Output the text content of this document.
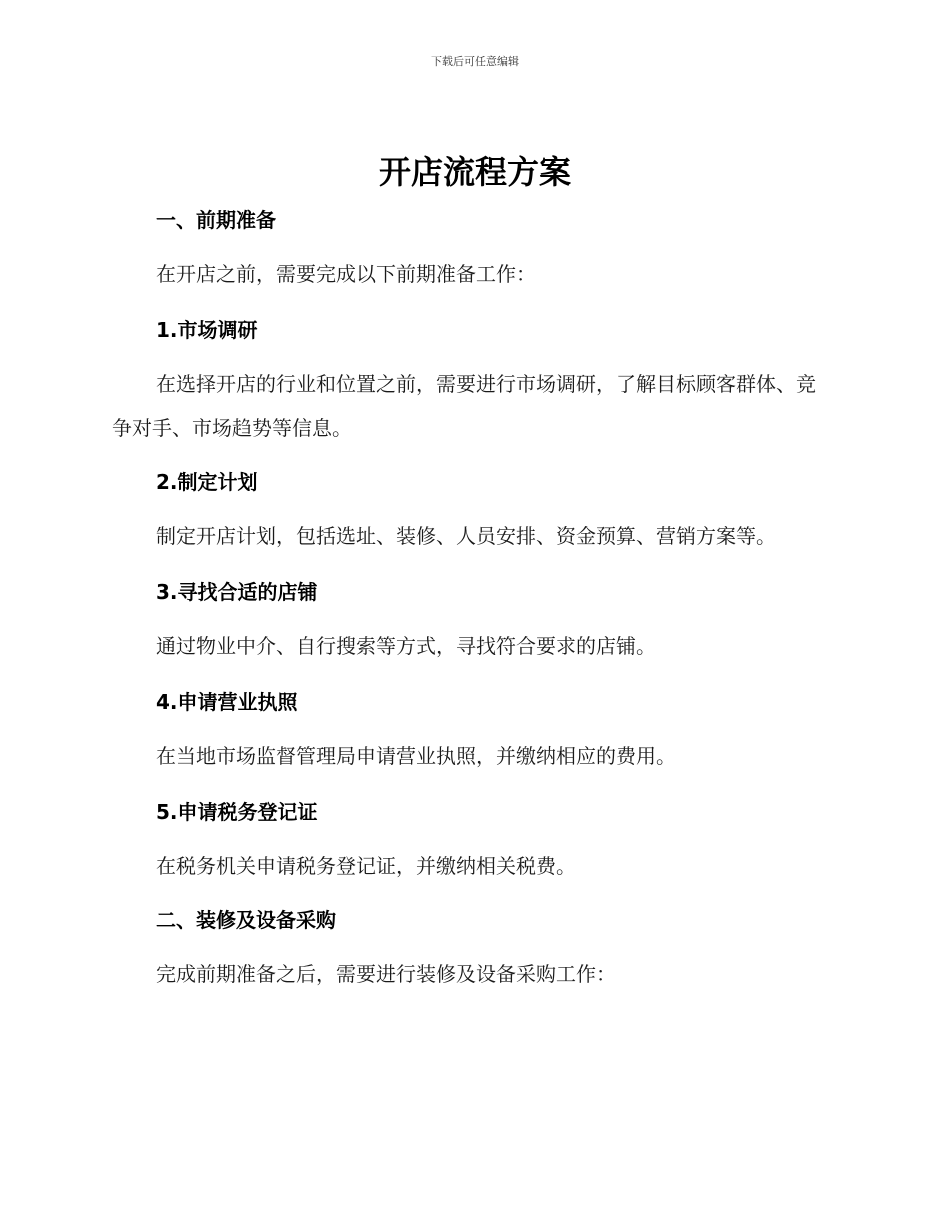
下载后可任意编辑
开店流程方案
一、前期准备
在开店之前，需要完成以下前期准备工作：
1.市场调研
在选择开店的行业和位置之前，需要进行市场调研，了解目标顾客群体、竞争对手、市场趋势等信息。
2.制定计划
制定开店计划，包括选址、装修、人员安排、资金预算、营销方案等。
3.寻找合适的店铺
通过物业中介、自行搜索等方式，寻找符合要求的店铺。
4.申请营业执照
在当地市场监督管理局申请营业执照，并缴纳相应的费用。
5.申请税务登记证
在税务机关申请税务登记证，并缴纳相关税费。
二、装修及设备采购
完成前期准备之后，需要进行装修及设备采购工作：
